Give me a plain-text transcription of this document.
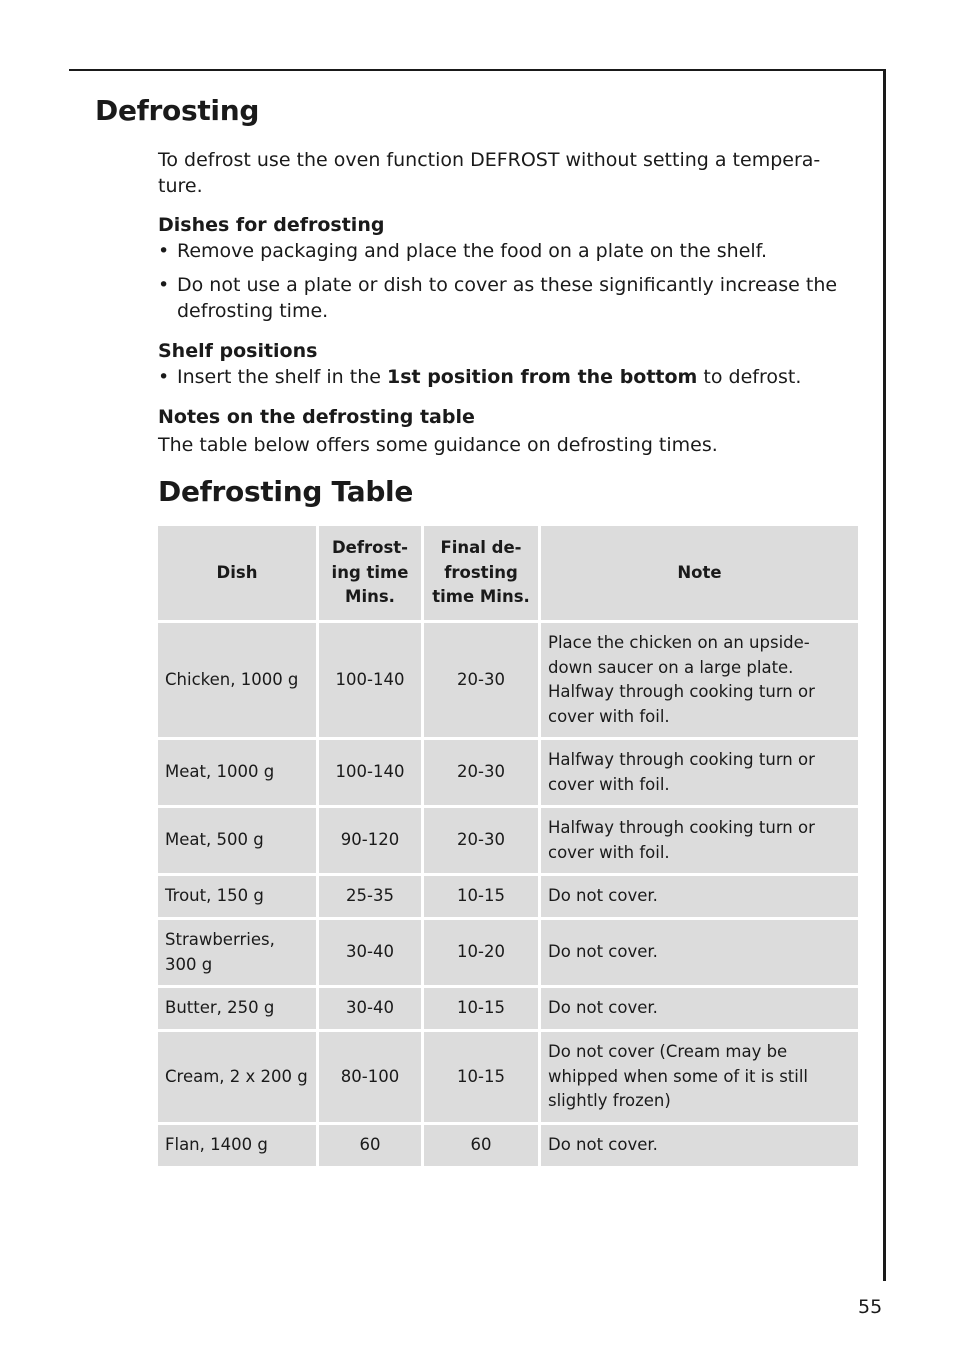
Defrosting

To defrost use the oven function DEFROST without setting a tempera-ture.

Dishes for defrosting

• Remove packaging and place the food on a plate on the shelf.
• Do not use a plate or dish to cover as these significantly increase the defrosting time.

Shelf positions

• Insert the shelf in the 1st position from the bottom to defrost.

Notes on the defrosting table

The table below offers some guidance on defrosting times.

Defrosting Table
Dish	Defrost-ing time Mins.	Final de-frosting time Mins.	Note
Chicken, 1000 g	100-140	20-30	Place the chicken on an upside-down saucer on a large plate. Halfway through cooking turn or cover with foil.
Meat, 1000 g	100-140	20-30	Halfway through cooking turn or cover with foil.
Meat, 500 g	90-120	20-30	Halfway through cooking turn or cover with foil.
Trout, 150 g	25-35	10-15	Do not cover.
Strawberries, 300 g	30-40	10-20	Do not cover.
Butter, 250 g	30-40	10-15	Do not cover.
Cream, 2 x 200 g	80-100	10-15	Do not cover (Cream may be whipped when some of it is still slightly frozen)
Flan, 1400 g	60	60	Do not cover.
55
